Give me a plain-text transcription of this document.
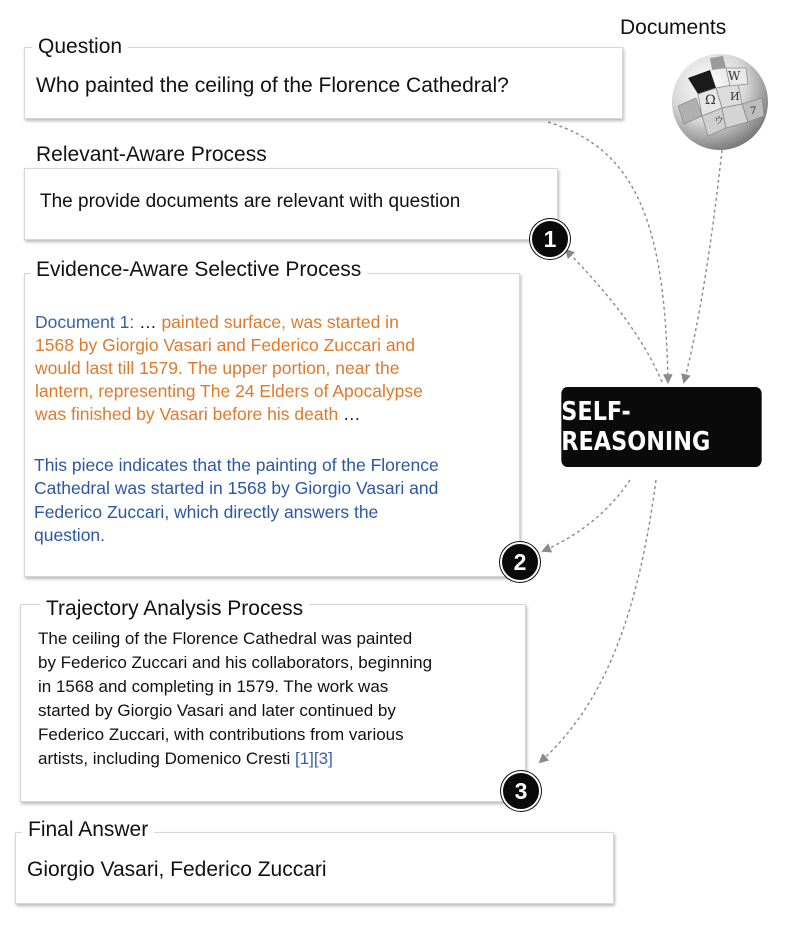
Documents
W
Ω И
ウ
7
Question
Who painted the ceiling of the Florence Cathedral?
Relevant-Aware Process
The provide documents are relevant with question
1
Evidence-Aware Selective Process
Document 1: … painted surface, was started in
1568 by Giorgio Vasari and Federico Zuccari and
would last till 1579. The upper portion, near the
lantern, representing The 24 Elders of Apocalypse
was finished by Vasari before his death …
This piece indicates that the painting of the Florence
Cathedral was started in 1568 by Giorgio Vasari and
Federico Zuccari, which directly answers the
question.
2
Trajectory Analysis Process
The ceiling of the Florence Cathedral was painted
by Federico Zuccari and his collaborators, beginning
in 1568 and completing in 1579. The work was
started by Giorgio Vasari and later continued by
Federico Zuccari, with contributions from various
artists, including Domenico Cresti [1][3]
3
Final Answer
Giorgio Vasari, Federico Zuccari
SELF-REASONING
